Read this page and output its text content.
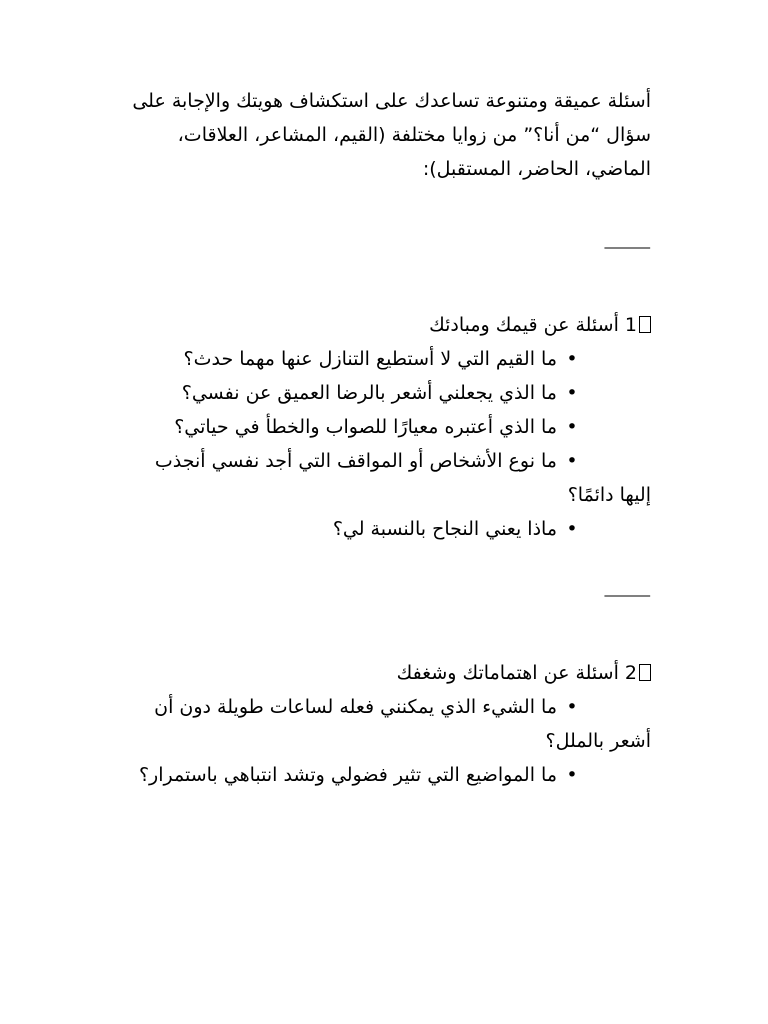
أسئلة عميقة ومتنوعة تساعدك على استكشاف هويتك والإجابة على سؤال “من أنا؟” من زوايا مختلفة (القيم، المشاعر، العلاقات، الماضي، الحاضر، المستقبل):

⸻

1 أسئلة عن قيمك ومبادئك

•ما القيم التي لا أستطيع التنازل عنها مهما حدث؟
•ما الذي يجعلني أشعر بالرضا العميق عن نفسي؟
•ما الذي أعتبره معيارًا للصواب والخطأ في حياتي؟
•ما نوع الأشخاص أو المواقف التي أجد نفسي أنجذب إليها دائمًا؟
•ماذا يعني النجاح بالنسبة لي؟
⸻

2 أسئلة عن اهتماماتك وشغفك

•ما الشيء الذي يمكنني فعله لساعات طويلة دون أن أشعر بالملل؟
•ما المواضيع التي تثير فضولي وتشد انتباهي باستمرار؟
